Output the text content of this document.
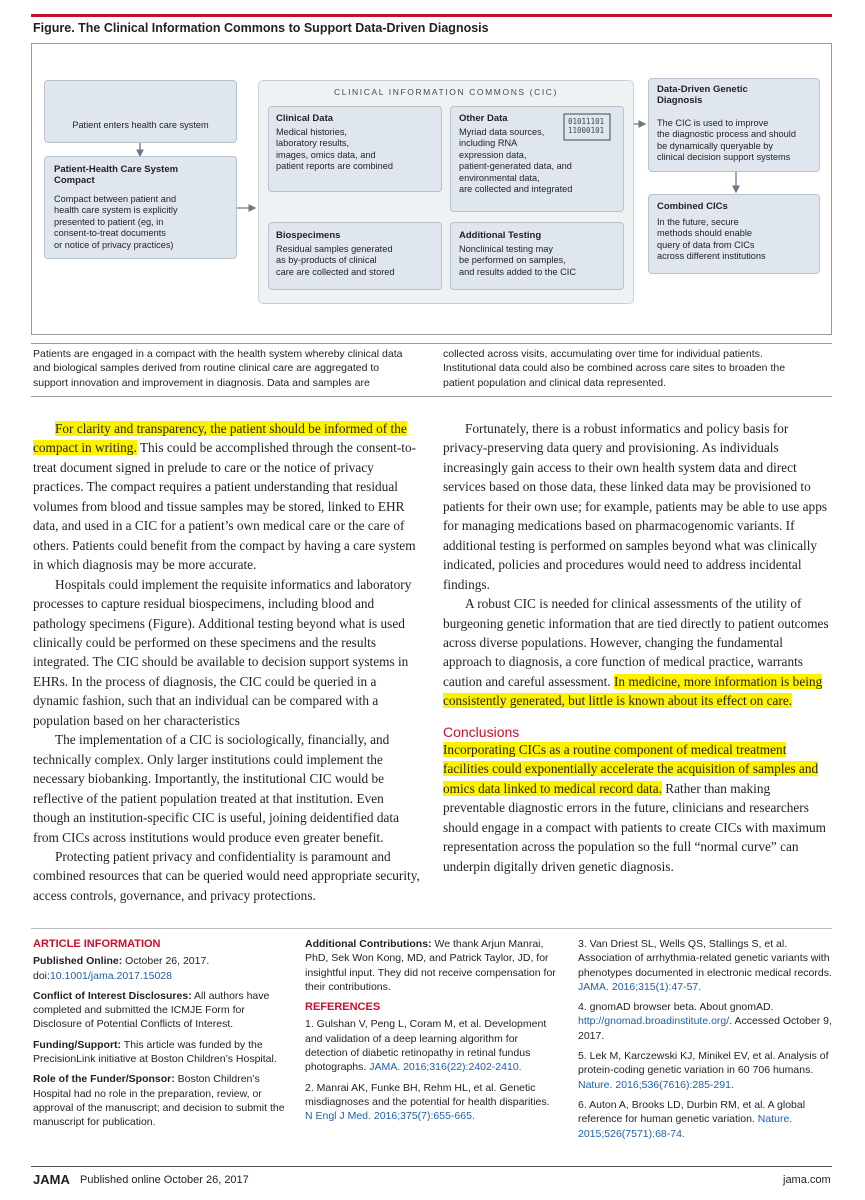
Figure. The Clinical Information Commons to Support Data-Driven Diagnosis
Patient enters health care system
Patient-Health Care System
Compact
Compact between patient and
health care system is explicitly
presented to patient (eg, in
consent-to-treat documents
or notice of privacy practices)
CLINICAL INFORMATION COMMONS (CIC)
Clinical Data
Medical histories,
laboratory results,
images, omics data, and
patient reports are combined
Other Data
Myriad data sources,
including RNA
expression data,
patient-generated data, and
environmental data,
are collected and integrated
01011101
11000101
Biospecimens
Residual samples generated
as by-products of clinical
care are collected and stored
Additional Testing
Nonclinical testing may
be performed on samples,
and results added to the CIC
Data-Driven Genetic
Diagnosis
The CIC is used to improve
the diagnostic process and should
be dynamically queryable by
clinical decision support systems
Combined CICs
In the future, secure
methods should enable
query of data from CICs
across different institutions
Patients are engaged in a compact with the health system whereby clinical data
and biological samples derived from routine clinical care are aggregated to
support innovation and improvement in diagnosis. Data and samples are
collected across visits, accumulating over time for individual patients.
Institutional data could also be combined across care sites to broaden the
patient population and clinical data represented.

For clarity and transparency, the patient should be informed of the compact in writing. This could be accomplished through the consent-to-treat document signed in prelude to care or the notice of privacy practices. The compact requires a patient understanding that residual volumes from blood and tissue samples may be stored, linked to EHR data, and used in a CIC for a patient’s own medical care or the care of others. Patients could benefit from the compact by having a care system in which diagnosis may be more accurate.

Hospitals could implement the requisite informatics and laboratory processes to capture residual biospecimens, including blood and pathology specimens (Figure). Additional testing beyond what is used clinically could be performed on these specimens and the results integrated. The CIC should be available to decision support systems in EHRs. In the process of diagnosis, the CIC could be queried in a dynamic fashion, such that an individual can be compared with a population based on her characteristics

The implementation of a CIC is sociologically, financially, and technically complex. Only larger institutions could implement the necessary biobanking. Importantly, the institutional CIC would be reflective of the patient population treated at that institution. Even though an institution-specific CIC is useful, joining deidentified data from CICs across institutions would produce even greater benefit.

Protecting patient privacy and confidentiality is paramount and combined resources that can be queried would need appropriate security, access controls, governance, and privacy protections.

Fortunately, there is a robust informatics and policy basis for privacy-preserving data query and provisioning. As individuals increasingly gain access to their own health system data and direct services based on those data, these linked data may be provisioned to patients for their own use; for example, patients may be able to use apps for managing medications based on pharmacogenomic variants. If additional testing is performed on samples beyond what was clinically indicated, policies and procedures would need to address incidental findings.

A robust CIC is needed for clinical assessments of the utility of burgeoning genetic information that are tied directly to patient outcomes across diverse populations. However, changing the fundamental approach to diagnosis, a core function of medical practice, warrants caution and careful assessment. In medicine, more information is being consistently generated, but little is known about its effect on care.

Conclusions

Incorporating CICs as a routine component of medical treatment facilities could exponentially accelerate the acquisition of samples and omics data linked to medical record data. Rather than making preventable diagnostic errors in the future, clinicians and researchers should engage in a compact with patients to create CICs with maximum representation across the population so the full “normal curve” can underpin digitally driven genetic diagnosis.

ARTICLE INFORMATION
Published Online: October 26, 2017.
doi:10.1001/jama.2017.15028
Conflict of Interest Disclosures: All authors have completed and submitted the ICMJE Form for Disclosure of Potential Conflicts of Interest.
Funding/Support: This article was funded by the PrecisionLink initiative at Boston Children’s Hospital.
Role of the Funder/Sponsor: Boston Children’s Hospital had no role in the preparation, review, or approval of the manuscript; and decision to submit the manuscript for publication.
Additional Contributions: We thank Arjun Manrai, PhD, Sek Won Kong, MD, and Patrick Taylor, JD, for insightful input. They did not receive compensation for their contributions.
REFERENCES
1. Gulshan V, Peng L, Coram M, et al. Development and validation of a deep learning algorithm for detection of diabetic retinopathy in retinal fundus photographs. JAMA. 2016;316(22):2402-2410.
2. Manrai AK, Funke BH, Rehm HL, et al. Genetic misdiagnoses and the potential for health disparities. N Engl J Med. 2016;375(7):655-665.
3. Van Driest SL, Wells QS, Stallings S, et al. Association of arrhythmia-related genetic variants with phenotypes documented in electronic medical records. JAMA. 2016;315(1):47-57.
4. gnomAD browser beta. About gnomAD. http://gnomad.broadinstitute.org/. Accessed October 9, 2017.
5. Lek M, Karczewski KJ, Minikel EV, et al. Analysis of protein-coding genetic variation in 60 706 humans. Nature. 2016;536(7616):285-291.
6. Auton A, Brooks LD, Durbin RM, et al. A global reference for human genetic variation. Nature. 2015;526(7571):68-74.
JAMA Published online October 26, 2017	jama.com
